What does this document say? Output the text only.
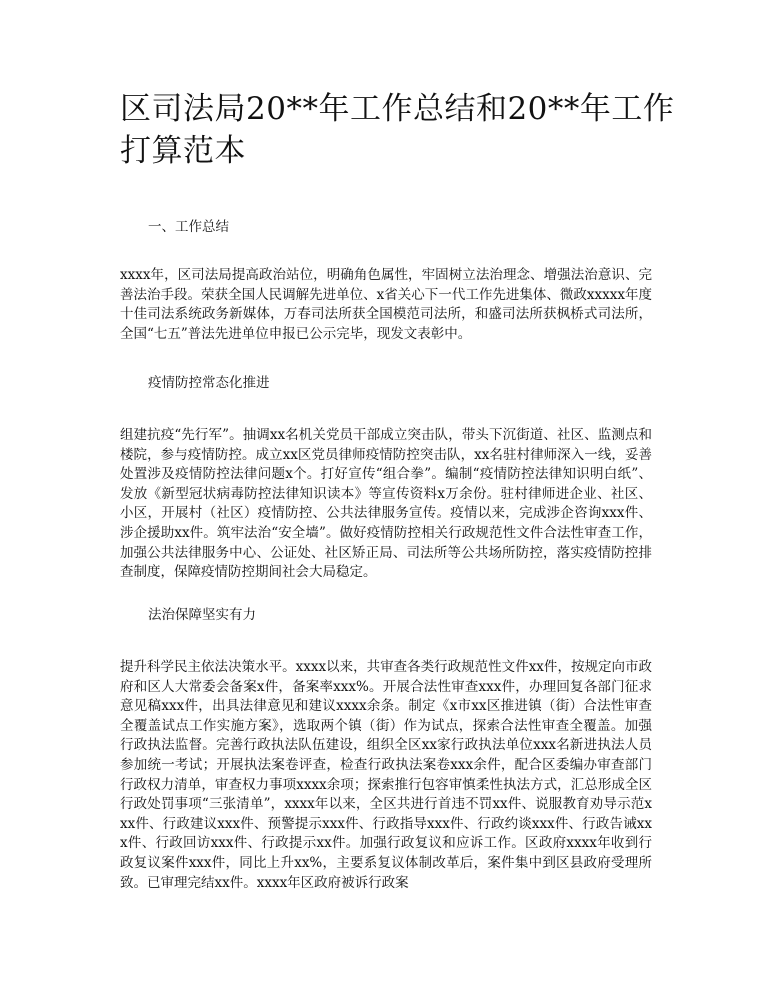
区司法局20**年工作总结和20**年工作打算范本

一、工作总结

xxxx年，区司法局提高政治站位，明确角色属性，牢固树立法治理念、增强法治意识、完善法治手段。荣获全国人民调解先进单位、x省关心下一代工作先进集体、微政xxxxx年度十佳司法系统政务新媒体，万春司法所获全国模范司法所，和盛司法所获枫桥式司法所，全国“七五”普法先进单位申报已公示完毕，现发文表彰中。

疫情防控常态化推进

组建抗疫“先行军”。抽调xx名机关党员干部成立突击队，带头下沉街道、社区、监测点和楼院，参与疫情防控。成立xx区党员律师疫情防控突击队，xx名驻村律师深入一线，妥善处置涉及疫情防控法律问题x个。打好宣传“组合拳”。编制“疫情防控法律知识明白纸”、发放《新型冠状病毒防控法律知识读本》等宣传资料x万余份。驻村律师进企业、社区、小区，开展村（社区）疫情防控、公共法律服务宣传。疫情以来，完成涉企咨询xxx件、涉企援助xx件。筑牢法治“安全墙”。做好疫情防控相关行政规范性文件合法性审查工作，加强公共法律服务中心、公证处、社区矫正局、司法所等公共场所防控，落实疫情防控排查制度，保障疫情防控期间社会大局稳定。

法治保障坚实有力

提升科学民主依法决策水平。xxxx以来，共审查各类行政规范性文件xx件，按规定向市政府和区人大常委会备案x件，备案率xxx%。开展合法性审查xxx件，办理回复各部门征求意见稿xxx件，出具法律意见和建议xxxx余条。制定《x市xx区推进镇（街）合法性审查全覆盖试点工作实施方案》，选取两个镇（街）作为试点，探索合法性审查全覆盖。加强行政执法监督。完善行政执法队伍建设，组织全区xx家行政执法单位xxx名新进执法人员参加统一考试；开展执法案卷评查，检查行政执法案卷xxx余件，配合区委编办审查部门行政权力清单，审查权力事项xxxx余项；探索推行包容审慎柔性执法方式，汇总形成全区行政处罚事项“三张清单”，xxxx年以来，全区共进行首违不罚xx件、说服教育劝导示范xxx件、行政建议xxx件、预警提示xxx件、行政指导xxx件、行政约谈xxx件、行政告诫xxx件、行政回访xxx件、行政提示xx件。加强行政复议和应诉工作。区政府xxxx年收到行政复议案件xxx件，同比上升xx%，主要系复议体制改革后，案件集中到区县政府受理所致。已审理完结xx件。xxxx年区政府被诉行政案
